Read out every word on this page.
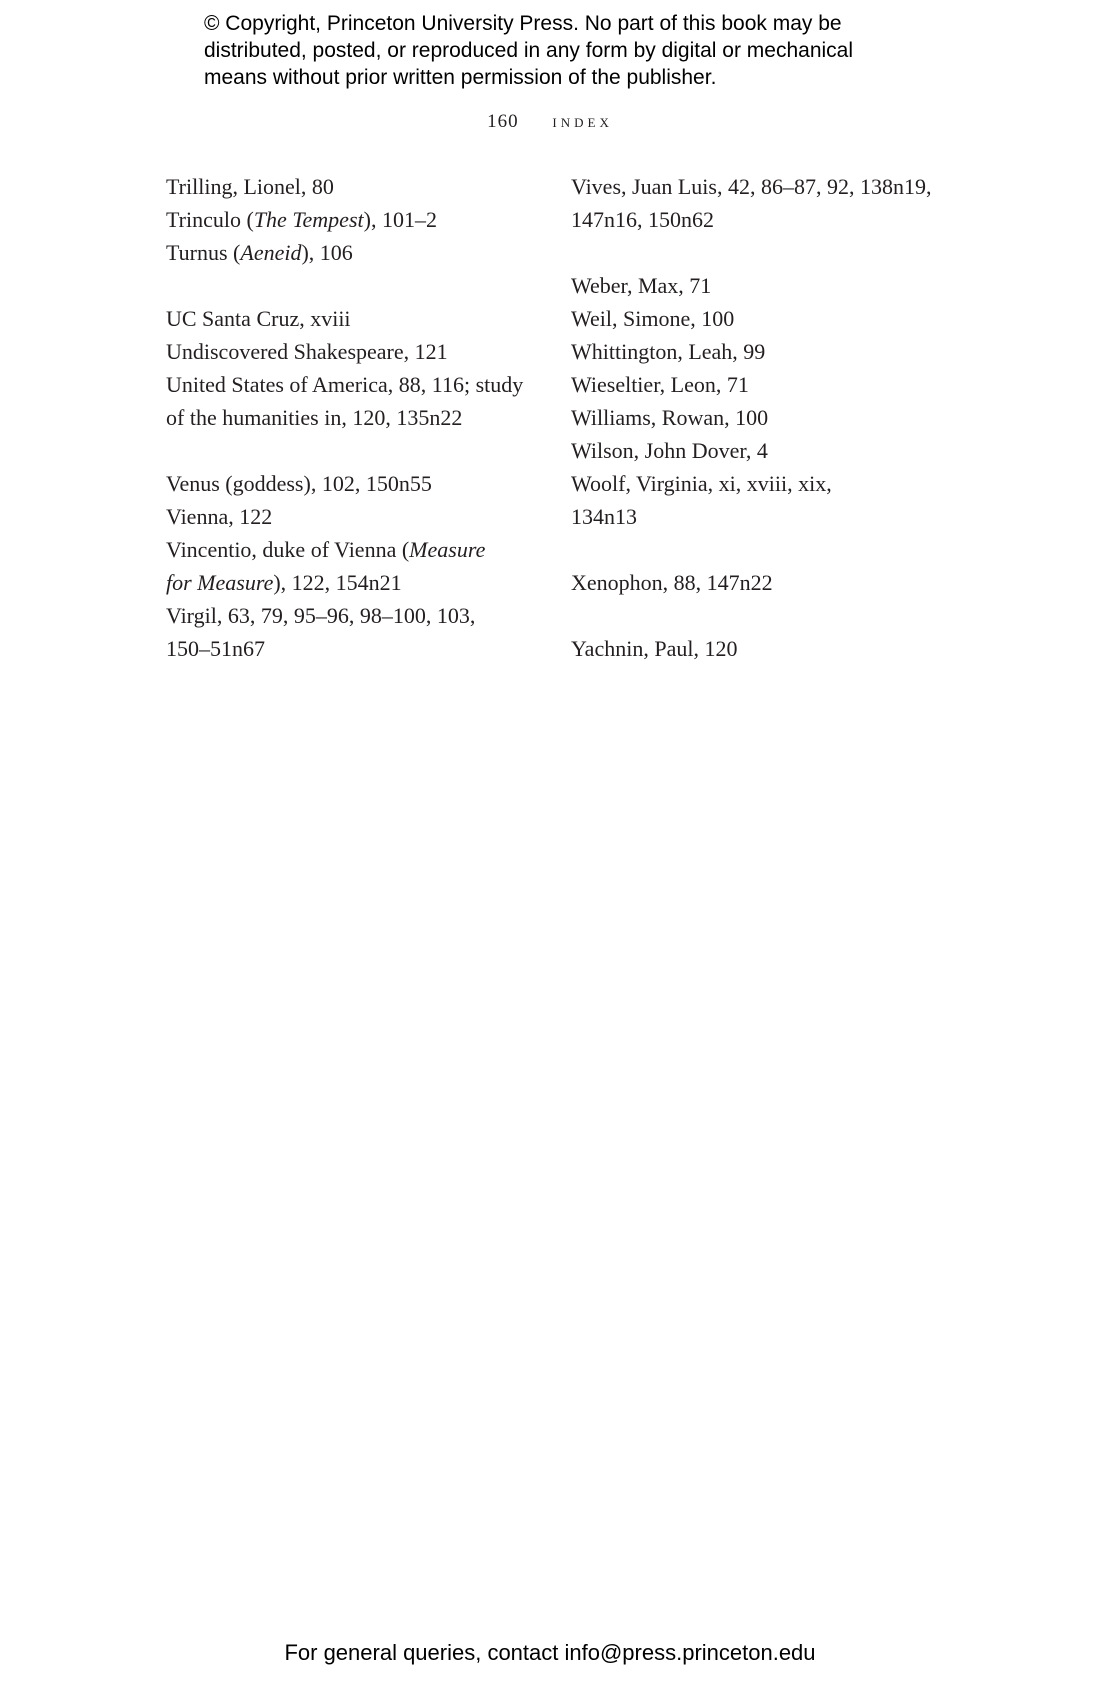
© Copyright, Princeton University Press. No part of this book may be
distributed, posted, or reproduced in any form by digital or mechanical
means without prior written permission of the publisher.
160 index
Trilling, Lionel, 80
Trinculo (The Tempest), 101–2
Turnus (Aeneid), 106
UC Santa Cruz, xviii
Undiscovered Shakespeare, 121
United States of America, 88, 116; study
of the humanities in, 120, 135n22
Venus (goddess), 102, 150n55
Vienna, 122
Vincentio, duke of Vienna (Measure
for Measure), 122, 154n21
Virgil, 63, 79, 95–96, 98–100, 103,
150–51n67
Vives, Juan Luis, 42, 86–87, 92, 138n19,
147n16, 150n62
Weber, Max, 71
Weil, Simone, 100
Whittington, Leah, 99
Wieseltier, Leon, 71
Williams, Rowan, 100
Wilson, John Dover, 4
Woolf, Virginia, xi, xviii, xix,
134n13
Xenophon, 88, 147n22
Yachnin, Paul, 120
For general queries, contact info@press.princeton.edu
